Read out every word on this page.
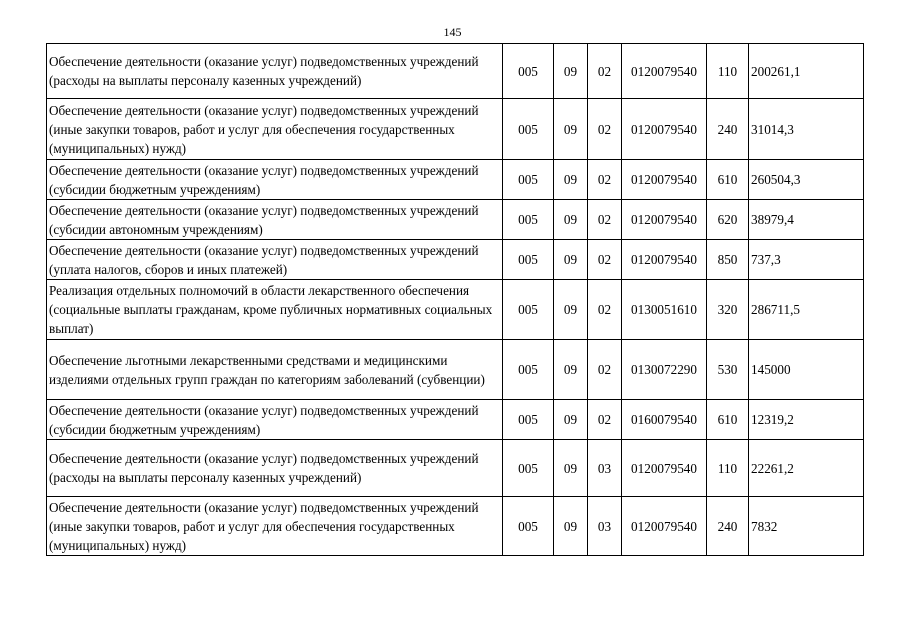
145
Обеспечение деятельности (оказание услуг) подведомственных учреждений (расходы на выплаты персоналу казенных учреждений)	005	09	02	0120079540	110	200261,1
Обеспечение деятельности (оказание услуг) подведомственных учреждений (иные закупки товаров, работ и услуг для обеспечения государственных (муниципальных) нужд)	005	09	02	0120079540	240	31014,3
Обеспечение деятельности (оказание услуг) подведомственных учреждений (субсидии бюджетным учреждениям)	005	09	02	0120079540	610	260504,3
Обеспечение деятельности (оказание услуг) подведомственных учреждений (субсидии автономным учреждениям)	005	09	02	0120079540	620	38979,4
Обеспечение деятельности (оказание услуг) подведомственных учреждений (уплата налогов, сборов и иных платежей)	005	09	02	0120079540	850	737,3
Реализация отдельных полномочий в области лекарственного обеспечения (социальные выплаты гражданам, кроме публичных нормативных социальных выплат)	005	09	02	0130051610	320	286711,5
Обеспечение льготными лекарственными средствами и медицинскими изделиями отдельных групп граждан по категориям заболеваний (субвенции)	005	09	02	0130072290	530	145000
Обеспечение деятельности (оказание услуг) подведомственных учреждений (субсидии бюджетным учреждениям)	005	09	02	0160079540	610	12319,2
Обеспечение деятельности (оказание услуг) подведомственных учреждений (расходы на выплаты персоналу казенных учреждений)	005	09	03	0120079540	110	22261,2
Обеспечение деятельности (оказание услуг) подведомственных учреждений (иные закупки товаров, работ и услуг для обеспечения государственных (муниципальных) нужд)	005	09	03	0120079540	240	7832
